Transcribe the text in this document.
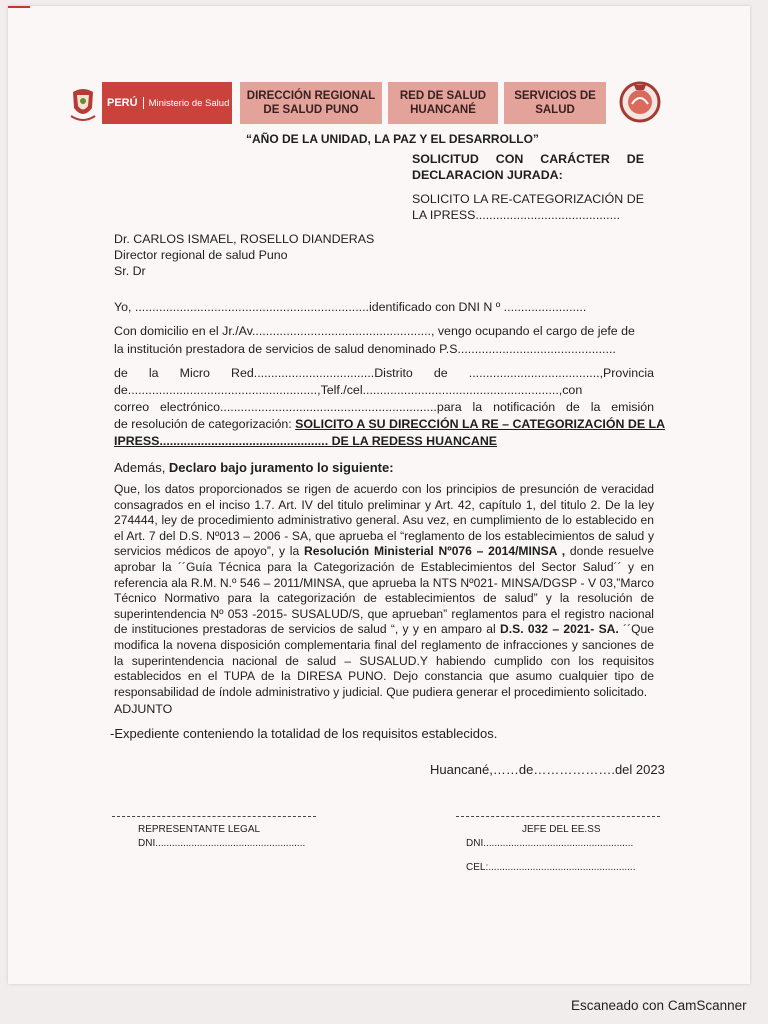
PERÚ	Ministerio de Salud
DIRECCIÓN REGIONAL
DE SALUD PUNO
RED DE SALUD
HUANCANÉ
SERVICIOS DE
SALUD
“AÑO DE LA UNIDAD, LA PAZ Y EL DESARROLLO”
SOLICITUD CON CARÁCTER DE
DECLARACION JURADA:
SOLICITO LA RE-CATEGORIZACIÓN DE
LA IPRESS..........................................
Dr. CARLOS ISMAEL, ROSELLO DIANDERAS
Director regional de salud Puno
Sr. Dr
Yo, ....................................................................identificado con DNI N º ........................
Con domicilio en el Jr./Av...................................................., vengo ocupando el cargo de jefe de
la institución prestadora de servicios de salud denominado P.S..............................................
de la Micro Red...................................Distrito de ......................................,Provincia
de.......................................................,Telf./cel.........................................................,con
correo electrónico...............................................................para la notificación de la emisión
de resolución de categorización: SOLICITO A SU DIRECCIÓN LA RE – CATEGORIZACIÓN DE LA
IPRESS................................................. DE LA REDESS HUANCANE
Además, Declaro bajo juramento lo siguiente:
Que, los datos proporcionados se rigen de acuerdo con los principios de presunción de veracidad consagrados en el inciso 1.7. Art. IV del titulo preliminar y Art. 42, capítulo 1, del titulo 2. De la ley 274444, ley de procedimiento administrativo general. Asu vez, en cumplimiento de lo establecido en el Art. 7 del D.S. Nº013 – 2006 - SA, que aprueba el “reglamento de los establecimientos de salud y servicios médicos de apoyo”, y la Resolución Ministerial Nº076 – 2014/MINSA , donde resuelve aprobar la ´´Guía Técnica para la Categorización de Establecimientos del Sector Salud´´ y en referencia ala R.M. N.º 546 – 2011/MINSA, que aprueba la NTS Nº021- MINSA/DGSP - V 03,”Marco Técnico Normativo para la categorización de establecimientos de salud” y la resolución de superintendencia Nº 053 -2015- SUSALUD/S, que aprueban” reglamentos para el registro nacional de instituciones prestadoras de servicios de salud “, y y en amparo al D.S. 032 – 2021- SA. ´´Que modifica la novena disposición complementaria final del reglamento de infracciones y sanciones de la superintendencia nacional de salud – SUSALUD.Y habiendo cumplido con los requisitos establecidos en el TUPA de la DIRESA PUNO. Dejo constancia que asumo cualquier tipo de responsabilidad de índole administrativo y judicial. Que pudiera generar el procedimiento solicitado.
ADJUNTO
-Expediente conteniendo la totalidad de los requisitos establecidos.
Huancané,……de……………….del 2023
REPRESENTANTE LEGAL
DNI......................................................
JEFE DEL EE.SS
DNI......................................................
CEL:.....................................................
Escaneado con CamScanner
